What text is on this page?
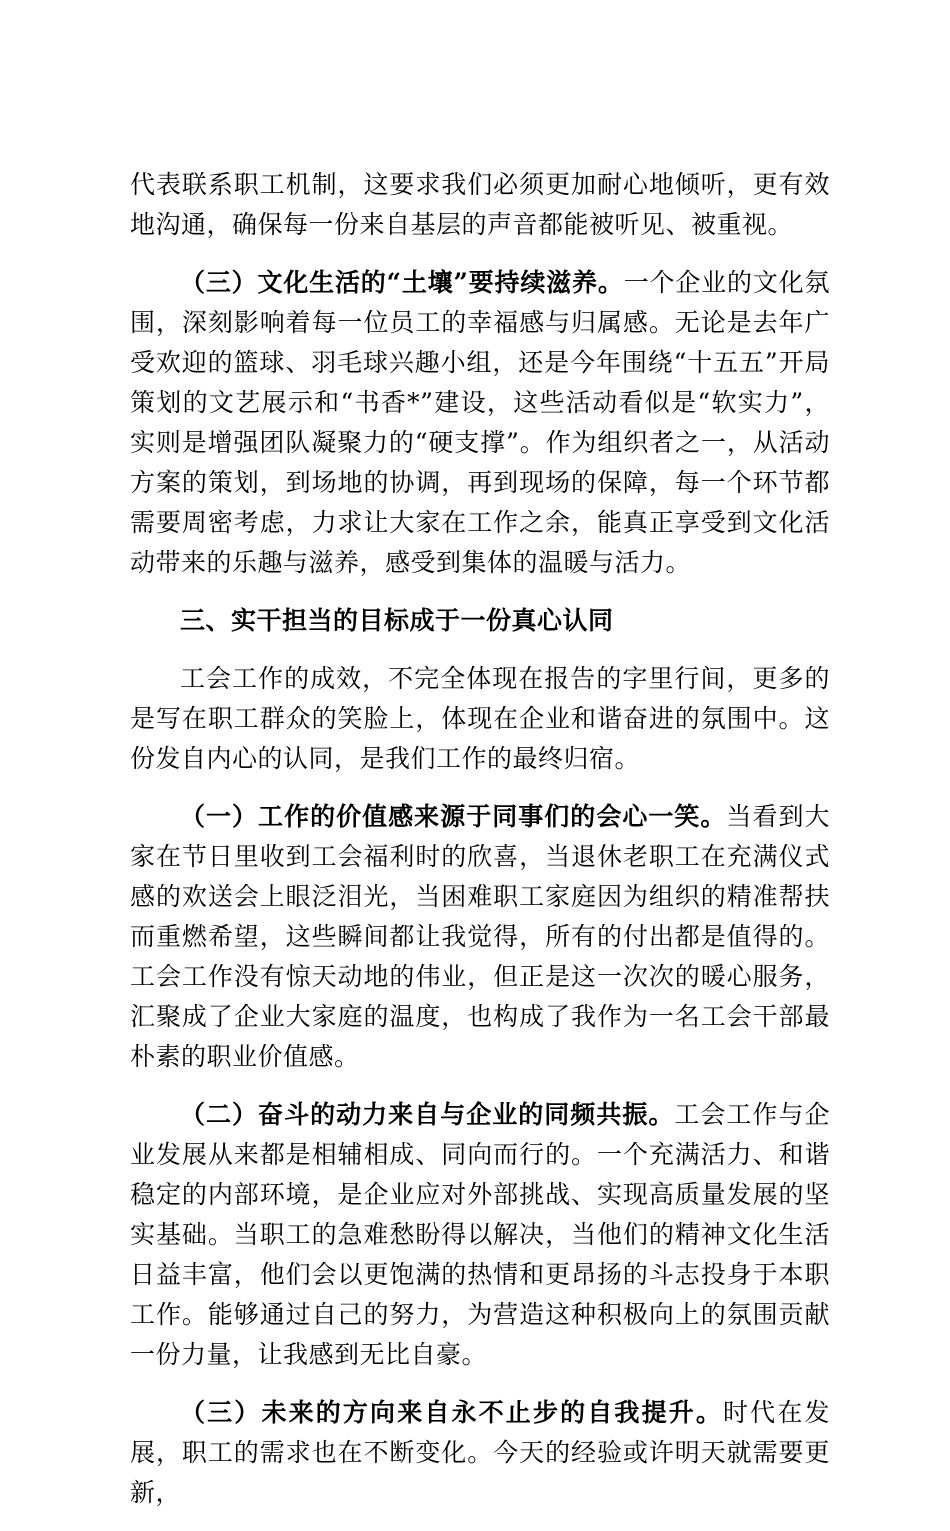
代表联系职工机制，这要求我们必须更加耐心地倾听，更有效地沟通，确保每一份来自基层的声音都能被听见、被重视。

（三）文化生活的“土壤”要持续滋养。一个企业的文化氛围，深刻影响着每一位员工的幸福感与归属感。无论是去年广受欢迎的篮球、羽毛球兴趣小组，还是今年围绕“十五五”开局策划的文艺展示和“书香*”建设，这些活动看似是“软实力”，实则是增强团队凝聚力的“硬支撑”。作为组织者之一，从活动方案的策划，到场地的协调，再到现场的保障，每一个环节都需要周密考虑，力求让大家在工作之余，能真正享受到文化活动带来的乐趣与滋养，感受到集体的温暖与活力。

三、实干担当的目标成于一份真心认同

工会工作的成效，不完全体现在报告的字里行间，更多的是写在职工群众的笑脸上，体现在企业和谐奋进的氛围中。这份发自内心的认同，是我们工作的最终归宿。

（一）工作的价值感来源于同事们的会心一笑。当看到大家在节日里收到工会福利时的欣喜，当退休老职工在充满仪式感的欢送会上眼泛泪光，当困难职工家庭因为组织的精准帮扶而重燃希望，这些瞬间都让我觉得，所有的付出都是值得的。工会工作没有惊天动地的伟业，但正是这一次次的暖心服务，汇聚成了企业大家庭的温度，也构成了我作为一名工会干部最朴素的职业价值感。

（二）奋斗的动力来自与企业的同频共振。工会工作与企业发展从来都是相辅相成、同向而行的。一个充满活力、和谐稳定的内部环境，是企业应对外部挑战、实现高质量发展的坚实基础。当职工的急难愁盼得以解决，当他们的精神文化生活日益丰富，他们会以更饱满的热情和更昂扬的斗志投身于本职工作。能够通过自己的努力，为营造这种积极向上的氛围贡献一份力量，让我感到无比自豪。

（三）未来的方向来自永不止步的自我提升。时代在发展，职工的需求也在不断变化。今天的经验或许明天就需要更新，
